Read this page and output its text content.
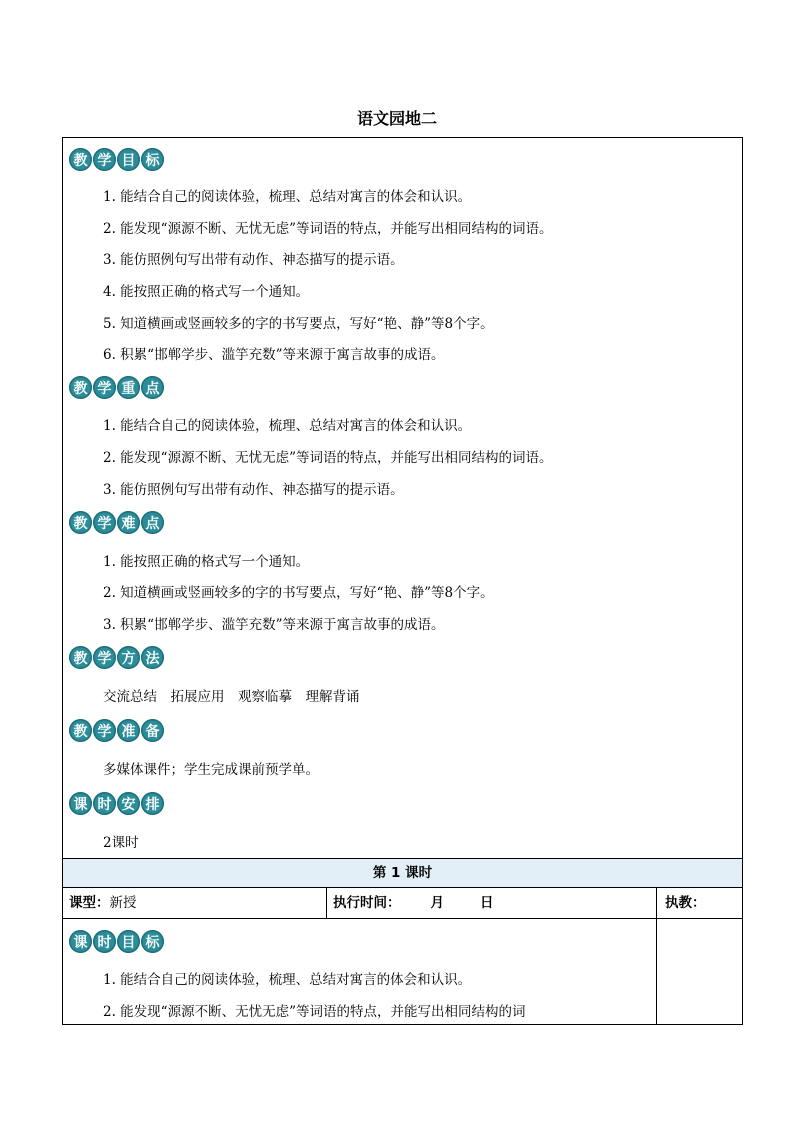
语文园地二
教 学 目 标
1. 能结合自己的阅读体验，梳理、总结对寓言的体会和认识。
2. 能发现“源源不断、无忧无虑”等词语的特点，并能写出相同结构的词语。
3. 能仿照例句写出带有动作、神态描写的提示语。
4. 能按照正确的格式写一个通知。
5. 知道横画或竖画较多的字的书写要点，写好“艳、静”等8个字。
6. 积累“邯郸学步、滥竽充数”等来源于寓言故事的成语。
教 学 重 点
1. 能结合自己的阅读体验，梳理、总结对寓言的体会和认识。
2. 能发现“源源不断、无忧无虑”等词语的特点，并能写出相同结构的词语。
3. 能仿照例句写出带有动作、神态描写的提示语。
教 学 难 点
1. 能按照正确的格式写一个通知。
2. 知道横画或竖画较多的字的书写要点，写好“艳、静”等8个字。
3. 积累“邯郸学步、滥竽充数”等来源于寓言故事的成语。
教 学 方 法
交流总结　拓展应用　观察临摹　理解背诵
教 学 准 备
多媒体课件；学生完成课前预学单。
课 时 安 排
2课时
第 1 课时
课型：新授	执行时间： 月	日	执教：
课 时 目 标
1. 能结合自己的阅读体验，梳理、总结对寓言的体会和认识。
2. 能发现“源源不断、无忧无虑”等词语的特点，并能写出相同结构的词
